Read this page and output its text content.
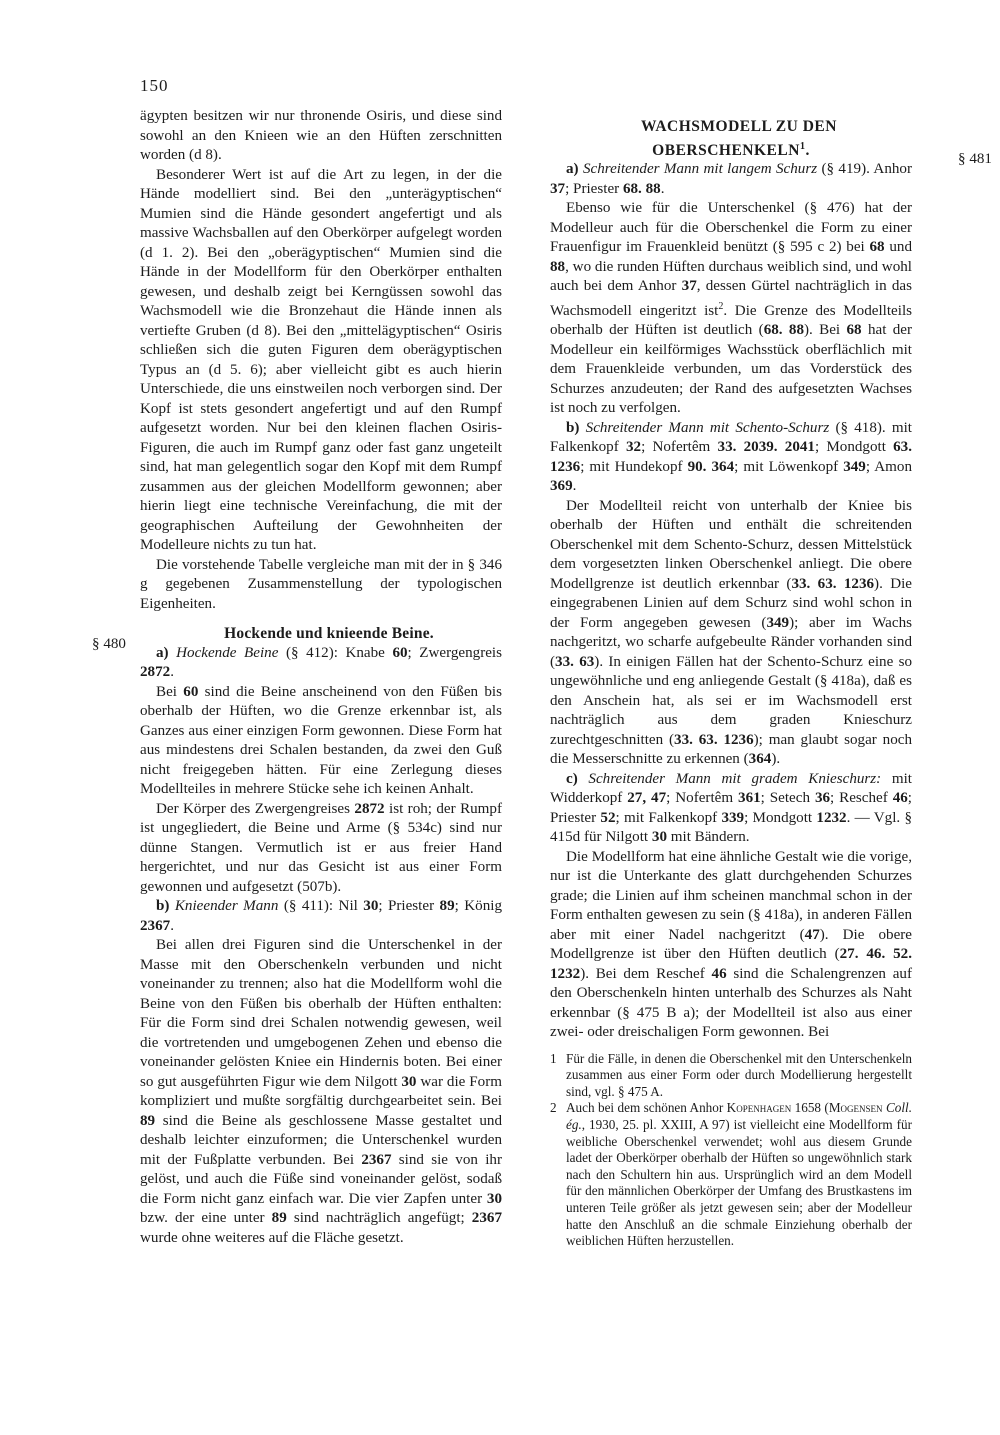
150
§ 480
§ 481

ägypten besitzen wir nur thronende Osiris, und diese sind sowohl an den Knieen wie an den Hüften zerschnitten worden (d 8).

Besonderer Wert ist auf die Art zu legen, in der die Hände modelliert sind. Bei den „unterägyptischen“ Mumien sind die Hände gesondert angefertigt und als massive Wachsballen auf den Oberkörper aufgelegt worden (d 1. 2). Bei den „oberägyptischen“ Mumien sind die Hände in der Modellform für den Oberkörper enthalten gewesen, und deshalb zeigt bei Kerngüssen sowohl das Wachsmodell wie die Bronzehaut die Hände innen als vertiefte Gruben (d 8). Bei den „mittelägyptischen“ Osiris schließen sich die guten Figuren dem oberägyptischen Typus an (d 5. 6); aber vielleicht gibt es auch hierin Unterschiede, die uns einstweilen noch verborgen sind. Der Kopf ist stets gesondert angefertigt und auf den Rumpf aufgesetzt worden. Nur bei den kleinen flachen Osiris-Figuren, die auch im Rumpf ganz oder fast ganz ungeteilt sind, hat man gelegentlich sogar den Kopf mit dem Rumpf zusammen aus der gleichen Modellform gewonnen; aber hierin liegt eine technische Vereinfachung, die mit der geographischen Aufteilung der Gewohnheiten der Modelleure nichts zu tun hat.

Die vorstehende Tabelle vergleiche man mit der in § 346 g gegebenen Zusammenstellung der typologischen Eigenheiten.

Hockende und knieende Beine.

a) Hockende Beine (§ 412): Knabe 60; Zwergengreis 2872.

Bei 60 sind die Beine anscheinend von den Füßen bis oberhalb der Hüften, wo die Grenze erkennbar ist, als Ganzes aus einer einzigen Form gewonnen. Diese Form hat aus mindestens drei Schalen bestanden, da zwei den Guß nicht freigegeben hätten. Für eine Zerlegung dieses Modellteiles in mehrere Stücke sehe ich keinen Anhalt.

Der Körper des Zwergengreises 2872 ist roh; der Rumpf ist ungegliedert, die Beine und Arme (§ 534c) sind nur dünne Stangen. Vermutlich ist er aus freier Hand hergerichtet, und nur das Gesicht ist aus einer Form gewonnen und aufgesetzt (507b).

b) Knieender Mann (§ 411): Nil 30; Priester 89; König 2367.

Bei allen drei Figuren sind die Unterschenkel in der Masse mit den Oberschenkeln verbunden und nicht voneinander zu trennen; also hat die Modellform wohl die Beine von den Füßen bis oberhalb der Hüften enthalten: Für die Form sind drei Schalen notwendig gewesen, weil die vortretenden und umgebogenen Zehen und ebenso die voneinander gelösten Kniee ein Hindernis boten. Bei einer so gut ausgeführten Figur wie dem Nilgott 30 war die Form kompliziert und mußte sorgfältig durchgearbeitet sein. Bei 89 sind die Beine als geschlossene Masse gestaltet und deshalb leichter einzuformen; die Unterschenkel wurden mit der Fußplatte verbunden. Bei 2367 sind sie von ihr gelöst, und auch die Füße sind voneinander gelöst, sodaß die Form nicht ganz einfach war. Die vier Zapfen unter 30 bzw. der eine unter 89 sind nachträglich angefügt; 2367 wurde ohne weiteres auf die Fläche gesetzt.

WACHSMODELL ZU DEN
OBERSCHENKELN$^1$.

a) Schreitender Mann mit langem Schurz (§ 419). Anhor 37; Priester 68. 88.

Ebenso wie für die Unterschenkel (§ 476) hat der Modelleur auch für die Oberschenkel die Form zu einer Frauenfigur im Frauenkleid benützt (§ 595 c 2) bei 68 und 88, wo die runden Hüften durchaus weiblich sind, und wohl auch bei dem Anhor 37, dessen Gürtel nachträglich in das Wachsmodell eingeritzt ist$^2$. Die Grenze des Modellteils oberhalb der Hüften ist deutlich (68. 88). Bei 68 hat der Modelleur ein keilförmiges Wachsstück oberflächlich mit dem Frauenkleide verbunden, um das Vorderstück des Schurzes anzudeuten; der Rand des aufgesetzten Wachses ist noch zu verfolgen.

b) Schreitender Mann mit Schento-Schurz (§ 418). mit Falkenkopf 32; Nofertêm 33. 2039. 2041; Mondgott 63. 1236; mit Hundekopf 90. 364; mit Löwenkopf 349; Amon 369.

Der Modellteil reicht von unterhalb der Kniee bis oberhalb der Hüften und enthält die schreitenden Oberschenkel mit dem Schento-Schurz, dessen Mittelstück dem vorgesetzten linken Oberschenkel anliegt. Die obere Modellgrenze ist deutlich erkennbar (33. 63. 1236). Die eingegrabenen Linien auf dem Schurz sind wohl schon in der Form angegeben gewesen (349); aber im Wachs nachgeritzt, wo scharfe aufgebeulte Ränder vorhanden sind (33. 63). In einigen Fällen hat der Schento-Schurz eine so ungewöhnliche und eng anliegende Gestalt (§ 418a), daß es den Anschein hat, als sei er im Wachsmodell erst nachträglich aus dem graden Knieschurz zurechtgeschnitten (33. 63. 1236); man glaubt sogar noch die Messerschnitte zu erkennen (364).

c) Schreitender Mann mit gradem Knieschurz: mit Widderkopf 27, 47; Nofertêm 361; Setech 36; Reschef 46; Priester 52; mit Falkenkopf 339; Mondgott 1232. — Vgl. § 415d für Nilgott 30 mit Bändern.

Die Modellform hat eine ähnliche Gestalt wie die vorige, nur ist die Unterkante des glatt durchgehenden Schurzes grade; die Linien auf ihm scheinen manchmal schon in der Form enthalten gewesen zu sein (§ 418a), in anderen Fällen aber mit einer Nadel nachgeritzt (47). Die obere Modellgrenze ist über den Hüften deutlich (27. 46. 52. 1232). Bei dem Reschef 46 sind die Schalengrenzen auf den Oberschenkeln hinten unterhalb des Schurzes als Naht erkennbar (§ 475 B a); der Modellteil ist also aus einer zwei- oder dreischaligen Form gewonnen. Bei

1 Für die Fälle, in denen die Oberschenkel mit den Unterschenkeln zusammen aus einer Form oder durch Modellierung hergestellt sind, vgl. § 475 A.

2 Auch bei dem schönen Anhor Kopenhagen 1658 (Mogensen Coll. ég., 1930, 25. pl. XXIII, A 97) ist vielleicht eine Modellform für weibliche Oberschenkel verwendet; wohl aus diesem Grunde ladet der Oberkörper oberhalb der Hüften so ungewöhnlich stark nach den Schultern hin aus. Ursprünglich wird an dem Modell für den männlichen Oberkörper der Umfang des Brustkastens im unteren Teile größer als jetzt gewesen sein; aber der Modelleur hatte den Anschluß an die schmale Einziehung oberhalb der weiblichen Hüften herzustellen.
